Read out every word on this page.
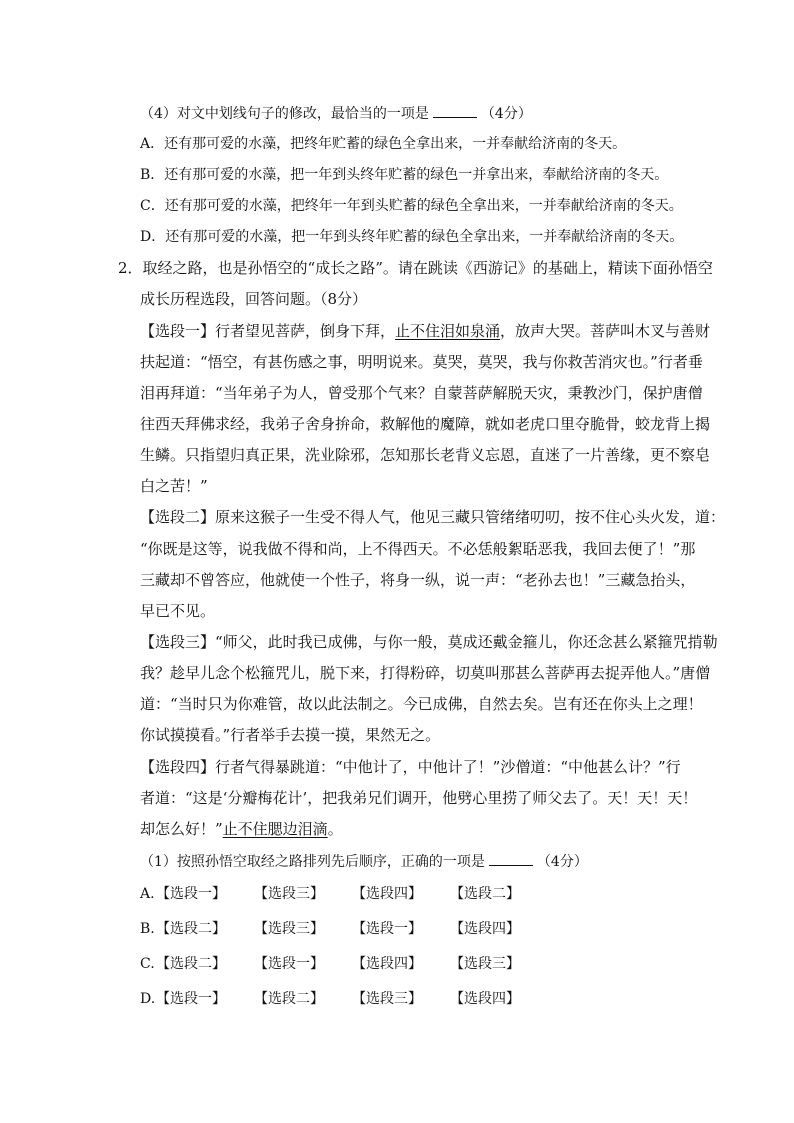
（4）对文中划线句子的修改，最恰当的一项是	（4分）
A．还有那可爱的水藻，把终年贮蓄的绿色全拿出来，一并奉献给济南的冬天。
B．还有那可爱的水藻，把一年到头终年贮蓄的绿色一并拿出来，奉献给济南的冬天。
C．还有那可爱的水藻，把终年一年到头贮蓄的绿色全拿出来，一并奉献给济南的冬天。
D．还有那可爱的水藻，把一年到头终年贮蓄的绿色全拿出来，一并奉献给济南的冬天。
2．取经之路，也是孙悟空的“成长之路”。请在跳读《西游记》的基础上，精读下面孙悟空
成长历程选段，回答问题。（8分）
【选段一】行者望见菩萨，倒身下拜，止不住泪如泉涌，放声大哭。菩萨叫木叉与善财
扶起道：“悟空，有甚伤感之事，明明说来。莫哭，莫哭，我与你救苦消灾也。”行者垂
泪再拜道：“当年弟子为人，曾受那个气来？自蒙菩萨解脱天灾，秉教沙门，保护唐僧
往西天拜佛求经，我弟子舍身拚命，救解他的魔障，就如老虎口里夺脆骨，蛟龙背上揭
生鳞。只指望归真正果，洗业除邪，怎知那长老背义忘恩，直迷了一片善缘，更不察皂
白之苦！”
【选段二】原来这猴子一生受不得人气，他见三藏只管绪绪叨叨，按不住心头火发，道：
“你既是这等，说我做不得和尚，上不得西天。不必恁般絮聒恶我，我回去便了！”那
三藏却不曾答应，他就使一个性子，将身一纵，说一声：“老孙去也！”三藏急抬头，
早已不见。
【选段三】“师父，此时我已成佛，与你一般，莫成还戴金箍儿，你还念甚么紧箍咒掯勒
我？趁早儿念个松箍咒儿，脱下来，打得粉碎，切莫叫那甚么菩萨再去捉弄他人。”唐僧
道：“当时只为你难管，故以此法制之。今已成佛，自然去矣。岂有还在你头上之理！
你试摸摸看。”行者举手去摸一摸，果然无之。
【选段四】行者气得暴跳道：“中他计了，中他计了！”沙僧道：“中他甚么计？”行
者道：“这是‘分瓣梅花计’，把我弟兄们调开，他劈心里捞了师父去了。天！天！天！
却怎么好！”止不住腮边泪滴。
（1）按照孙悟空取经之路排列先后顺序，正确的一项是	（4分）
A.【选段一】 【选段三】 【选段四】 【选段二】
B.【选段二】 【选段三】 【选段一】 【选段四】
C.【选段二】 【选段一】 【选段四】 【选段三】
D.【选段一】 【选段二】 【选段三】 【选段四】
